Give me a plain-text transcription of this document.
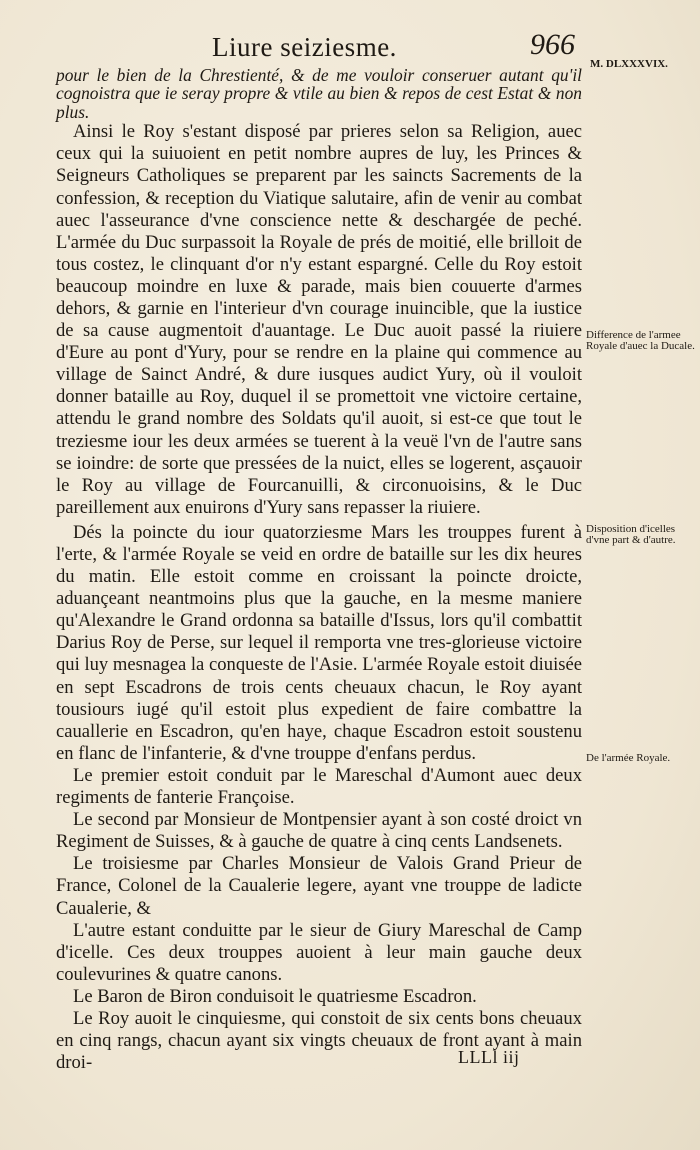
Liure seiziesme.	966
M. DLXXXVIX.

pour le bien de la Chrestienté, & de me vouloir conseruer autant qu'il cognoistra que ie seray propre & vtile au bien & repos de cest Estat & non plus.

Ainsi le Roy s'estant disposé par prieres selon sa Religion, auec ceux qui la suiuoient en petit nombre aupres de luy, les Princes & Seigneurs Catholiques se preparent par les saincts Sacrements de la confession, & reception du Viatique salutaire, afin de venir au combat auec l'asseurance d'vne conscience nette & deschargée de peché. L'armée du Duc surpassoit la Royale de prés de moitié, elle brilloit de tous costez, le clinquant d'or n'y estant espargné. Celle du Roy estoit beaucoup moindre en luxe & parade, mais bien couuerte d'armes dehors, & garnie en l'interieur d'vn courage inuincible, que la iustice de sa cause augmentoit d'auantage. Le Duc auoit passé la riuiere d'Eure au pont d'Yury, pour se rendre en la plaine qui commence au village de Sainct André, & dure iusques audict Yury, où il vouloit donner bataille au Roy, duquel il se promettoit vne victoire certaine, attendu le grand nombre des Soldats qu'il auoit, si est-ce que tout le treziesme iour les deux armées se tuerent à la veuë l'vn de l'autre sans se ioindre: de sorte que pressées de la nuict, elles se logerent, asçauoir le Roy au village de Fourcanuilli, & circonuoisins, & le Duc pareillement aux enuirons d'Yury sans repasser la riuiere.

Dés la poincte du iour quatorziesme Mars les trouppes furent à l'erte, & l'armée Royale se veid en ordre de bataille sur les dix heures du matin. Elle estoit comme en croissant la poincte droicte, aduançeant neantmoins plus que la gauche, en la mesme maniere qu'Alexandre le Grand ordonna sa bataille d'Issus, lors qu'il combattit Darius Roy de Perse, sur lequel il remporta vne tres-glorieuse victoire qui luy mesnagea la conqueste de l'Asie. L'armée Royale estoit diuisée en sept Escadrons de trois cents cheuaux chacun, le Roy ayant tousiours iugé qu'il estoit plus expedient de faire combattre la cauallerie en Escadron, qu'en haye, chaque Escadron estoit soustenu en flanc de l'infanterie, & d'vne trouppe d'enfans perdus.

Le premier estoit conduit par le Mareschal d'Aumont auec deux regiments de fanterie Françoise.

Le second par Monsieur de Montpensier ayant à son costé droict vn Regiment de Suisses, & à gauche de quatre à cinq cents Landsenets.

Le troisiesme par Charles Monsieur de Valois Grand Prieur de France, Colonel de la Caualerie legere, ayant vne trouppe de ladicte Caualerie, &

L'autre estant conduitte par le sieur de Giury Mareschal de Camp d'icelle. Ces deux trouppes auoient à leur main gauche deux coulevurines & quatre canons.

Le Baron de Biron conduisoit le quatriesme Escadron.

Le Roy auoit le cinquiesme, qui constoit de six cents bons cheuaux en cinq rangs, chacun ayant six vingts cheuaux de front ayant à main droi-

Difference de l'armee Royale d'auec la Ducale.
Disposition d'icelles d'vne part & d'autre.
De l'armée Royale.
LLLl iij
